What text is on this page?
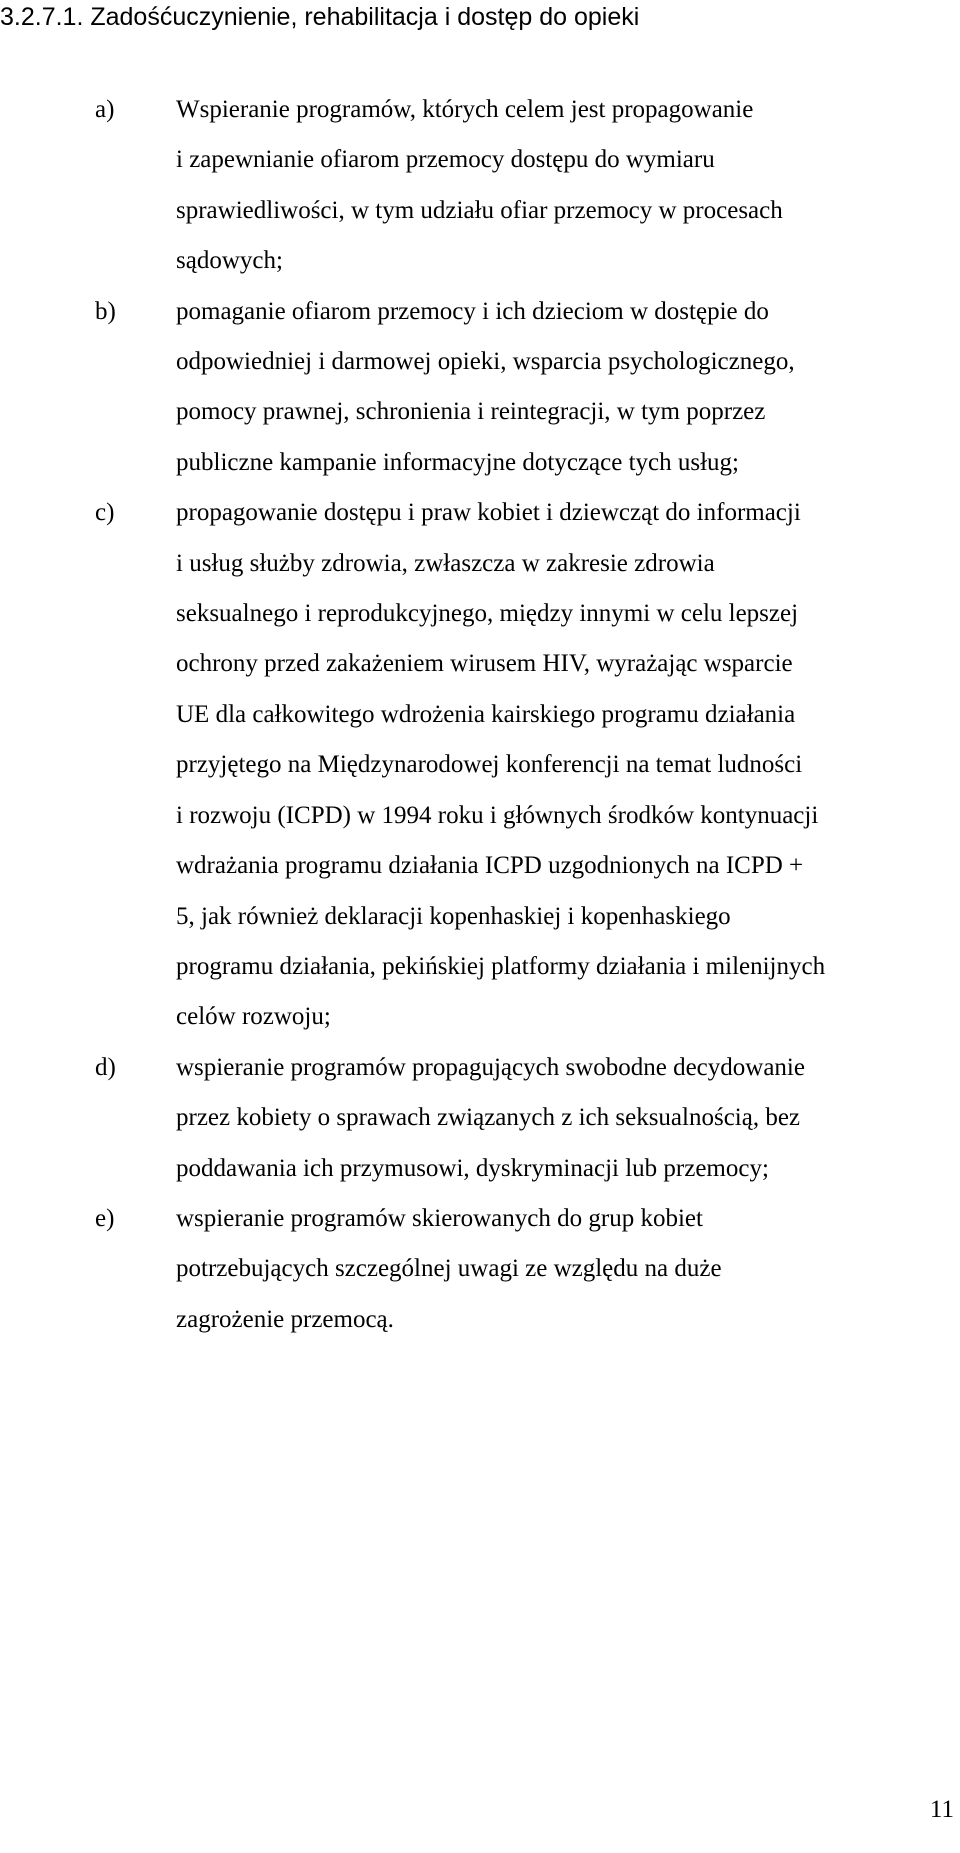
3.2.7.1. Zadośćuczynienie, rehabilitacja i dostęp do opieki
a) Wspieranie programów, których celem jest propagowanie
i zapewnianie ofiarom przemocy dostępu do wymiaru
sprawiedliwości, w tym udziału ofiar przemocy w procesach
sądowych;
b) pomaganie ofiarom przemocy i ich dzieciom w dostępie do
odpowiedniej i darmowej opieki, wsparcia psychologicznego,
pomocy prawnej, schronienia i reintegracji, w tym poprzez
publiczne kampanie informacyjne dotyczące tych usług;
c) propagowanie dostępu i praw kobiet i dziewcząt do informacji
i usług służby zdrowia, zwłaszcza w zakresie zdrowia
seksualnego i reprodukcyjnego, między innymi w celu lepszej
ochrony przed zakażeniem wirusem HIV, wyrażając wsparcie
UE dla całkowitego wdrożenia kairskiego programu działania
przyjętego na Międzynarodowej konferencji na temat ludności
i rozwoju (ICPD) w 1994 roku i głównych środków kontynuacji
wdrażania programu działania ICPD uzgodnionych na ICPD +
5, jak również deklaracji kopenhaskiej i kopenhaskiego
programu działania, pekińskiej platformy działania i milenijnych
celów rozwoju;
d) wspieranie programów propagujących swobodne decydowanie
przez kobiety o sprawach związanych z ich seksualnością, bez
poddawania ich przymusowi, dyskryminacji lub przemocy;
e) wspieranie programów skierowanych do grup kobiet
potrzebujących szczególnej uwagi ze względu na duże
zagrożenie przemocą.
11
